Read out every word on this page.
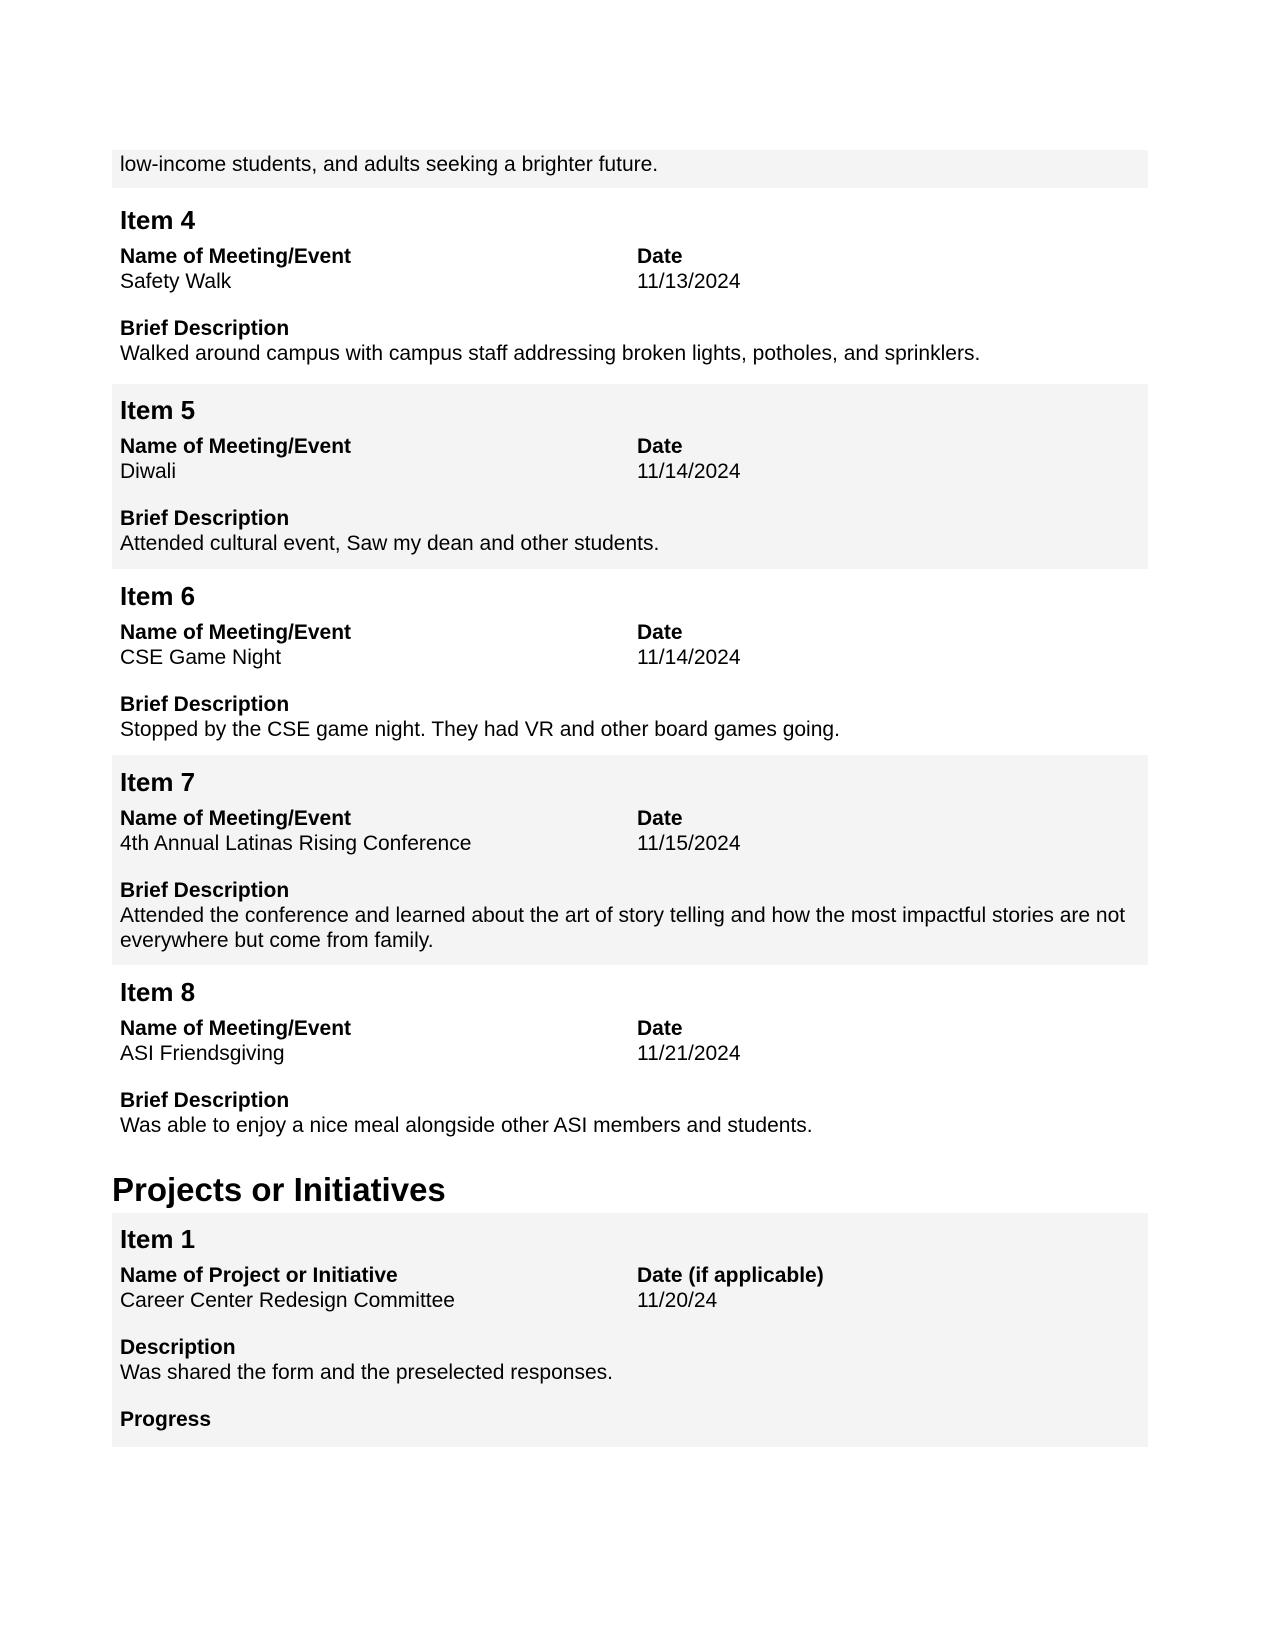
low-income students, and adults seeking a brighter future.
Item 4
Name of Meeting/Event
Safety Walk
Date
11/13/2024
Brief Description
Walked around campus with campus staff addressing broken lights, potholes, and sprinklers.
Item 5
Name of Meeting/Event
Diwali
Date
11/14/2024
Brief Description
Attended cultural event, Saw my dean and other students.
Item 6
Name of Meeting/Event
CSE Game Night
Date
11/14/2024
Brief Description
Stopped by the CSE game night. They had VR and other board games going.
Item 7
Name of Meeting/Event
4th Annual Latinas Rising Conference
Date
11/15/2024
Brief Description
Attended the conference and learned about the art of story telling and how the most impactful stories are not everywhere but come from family.
Item 8
Name of Meeting/Event
ASI Friendsgiving
Date
11/21/2024
Brief Description
Was able to enjoy a nice meal alongside other ASI members and students.
Projects or Initiatives
Item 1
Name of Project or Initiative
Career Center Redesign Committee
Date (if applicable)
11/20/24
Description
Was shared the form and the preselected responses.
Progress
